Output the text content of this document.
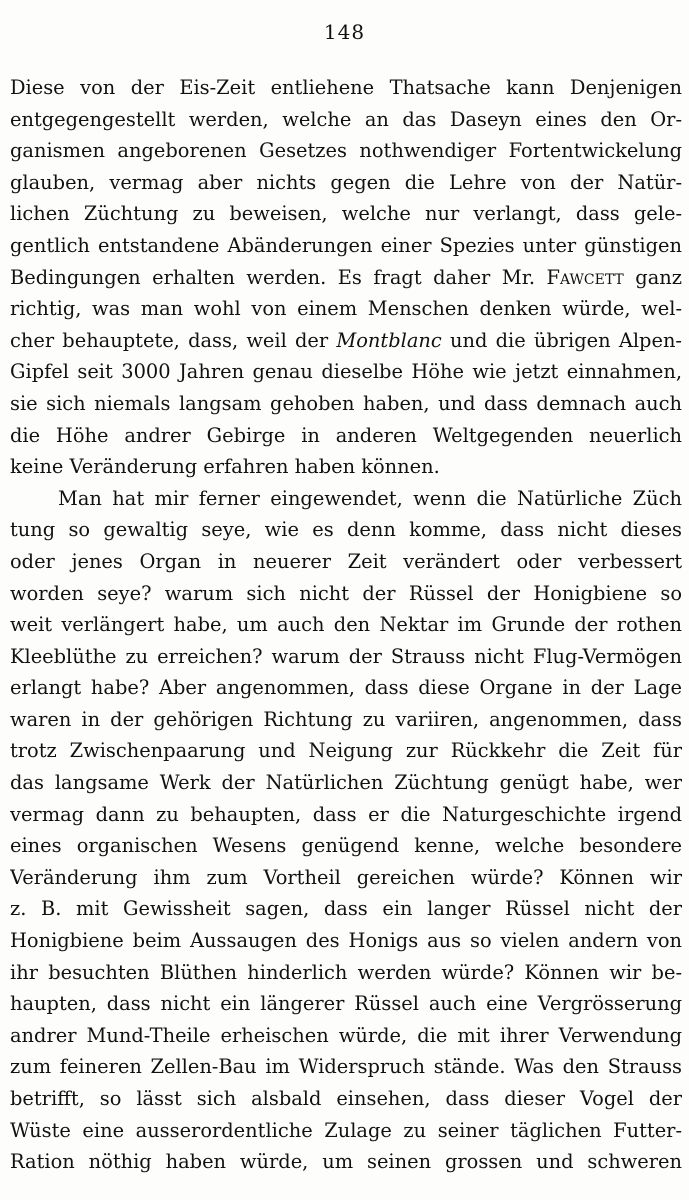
148
Diese von der Eis-Zeit entliehene Thatsache kann Denjenigen
entgegengestellt werden, welche an das Daseyn eines den Or-
ganismen angeborenen Gesetzes nothwendiger Fortentwickelung
glauben, vermag aber nichts gegen die Lehre von der Natür-
lichen Züchtung zu beweisen, welche nur verlangt, dass gele-
gentlich entstandene Abänderungen einer Spezies unter günstigen
Bedingungen erhalten werden. Es fragt daher Mr. Fawcett ganz
richtig, was man wohl von einem Menschen denken würde, wel-
cher behauptete, dass, weil der Montblanc und die übrigen Alpen-
Gipfel seit 3000 Jahren genau dieselbe Höhe wie jetzt einnahmen,
sie sich niemals langsam gehoben haben, und dass demnach auch
die Höhe andrer Gebirge in anderen Weltgegenden neuerlich
keine Veränderung erfahren haben können.
Man hat mir ferner eingewendet, wenn die Natürliche Züch
tung so gewaltig seye, wie es denn komme, dass nicht dieses
oder jenes Organ in neuerer Zeit verändert oder verbessert
worden seye? warum sich nicht der Rüssel der Honigbiene so
weit verlängert habe, um auch den Nektar im Grunde der rothen
Kleeblüthe zu erreichen? warum der Strauss nicht Flug-Vermögen
erlangt habe? Aber angenommen, dass diese Organe in der Lage
waren in der gehörigen Richtung zu variiren, angenommen, dass
trotz Zwischenpaarung und Neigung zur Rückkehr die Zeit für
das langsame Werk der Natürlichen Züchtung genügt habe, wer
vermag dann zu behaupten, dass er die Naturgeschichte irgend
eines organischen Wesens genügend kenne, welche besondere
Veränderung ihm zum Vortheil gereichen würde? Können wir
z. B. mit Gewissheit sagen, dass ein langer Rüssel nicht der
Honigbiene beim Aussaugen des Honigs aus so vielen andern von
ihr besuchten Blüthen hinderlich werden würde? Können wir be-
haupten, dass nicht ein längerer Rüssel auch eine Vergrösserung
andrer Mund-Theile erheischen würde, die mit ihrer Verwendung
zum feineren Zellen-Bau im Widerspruch stände. Was den Strauss
betrifft, so lässt sich alsbald einsehen, dass dieser Vogel der
Wüste eine ausserordentliche Zulage zu seiner täglichen Futter-
Ration nöthig haben würde, um seinen grossen und schweren
